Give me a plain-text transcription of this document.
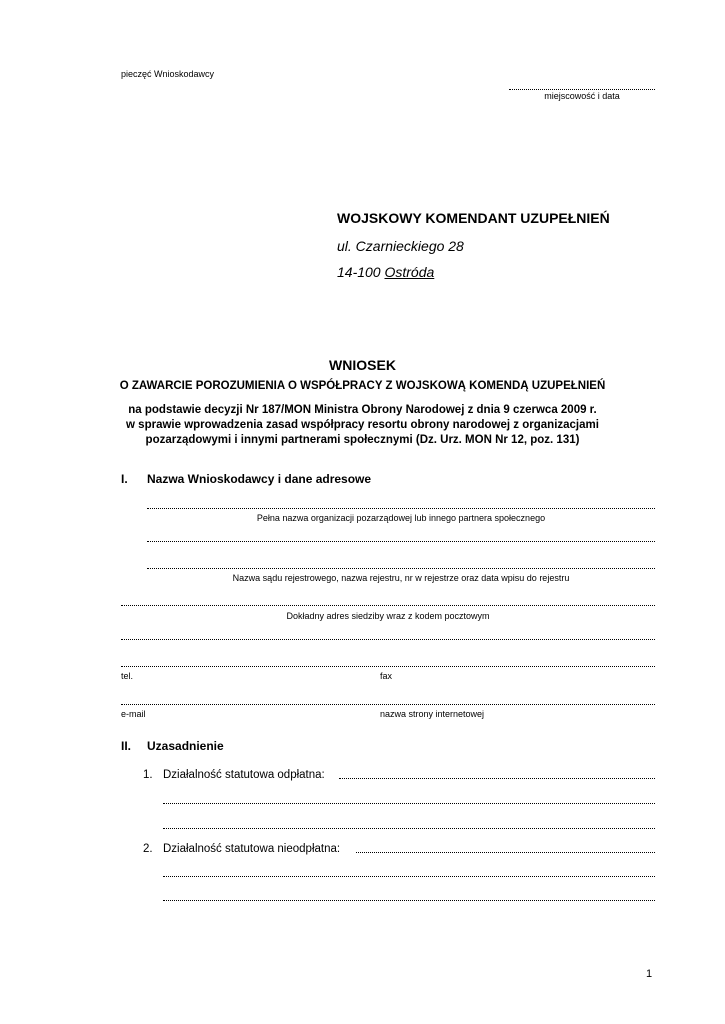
pieczęć Wnioskodawcy
miejscowość i data
WOJSKOWY KOMENDANT UZUPEŁNIEŃ
ul. Czarnieckiego 28
14-100 Ostróda
WNIOSEK
O ZAWARCIE POROZUMIENIA O WSPÓŁPRACY Z WOJSKOWĄ KOMENDĄ UZUPEŁNIEŃ
na podstawie decyzji Nr 187/MON Ministra Obrony Narodowej z dnia 9 czerwca 2009 r.
w sprawie wprowadzenia zasad współpracy resortu obrony narodowej z organizacjami
pozarządowymi i innymi partnerami społecznymi (Dz. Urz. MON Nr 12, poz. 131)
I. Nazwa Wnioskodawcy i dane adresowe
Pełna nazwa organizacji pozarządowej lub innego partnera społecznego
Nazwa sądu rejestrowego, nazwa rejestru, nr w rejestrze oraz data wpisu do rejestru
Dokładny adres siedziby wraz z kodem pocztowym
tel.	fax
e-mail	nazwa strony internetowej
II. Uzasadnienie
1. Działalność statutowa odpłatna:
2. Działalność statutowa nieodpłatna:
1
